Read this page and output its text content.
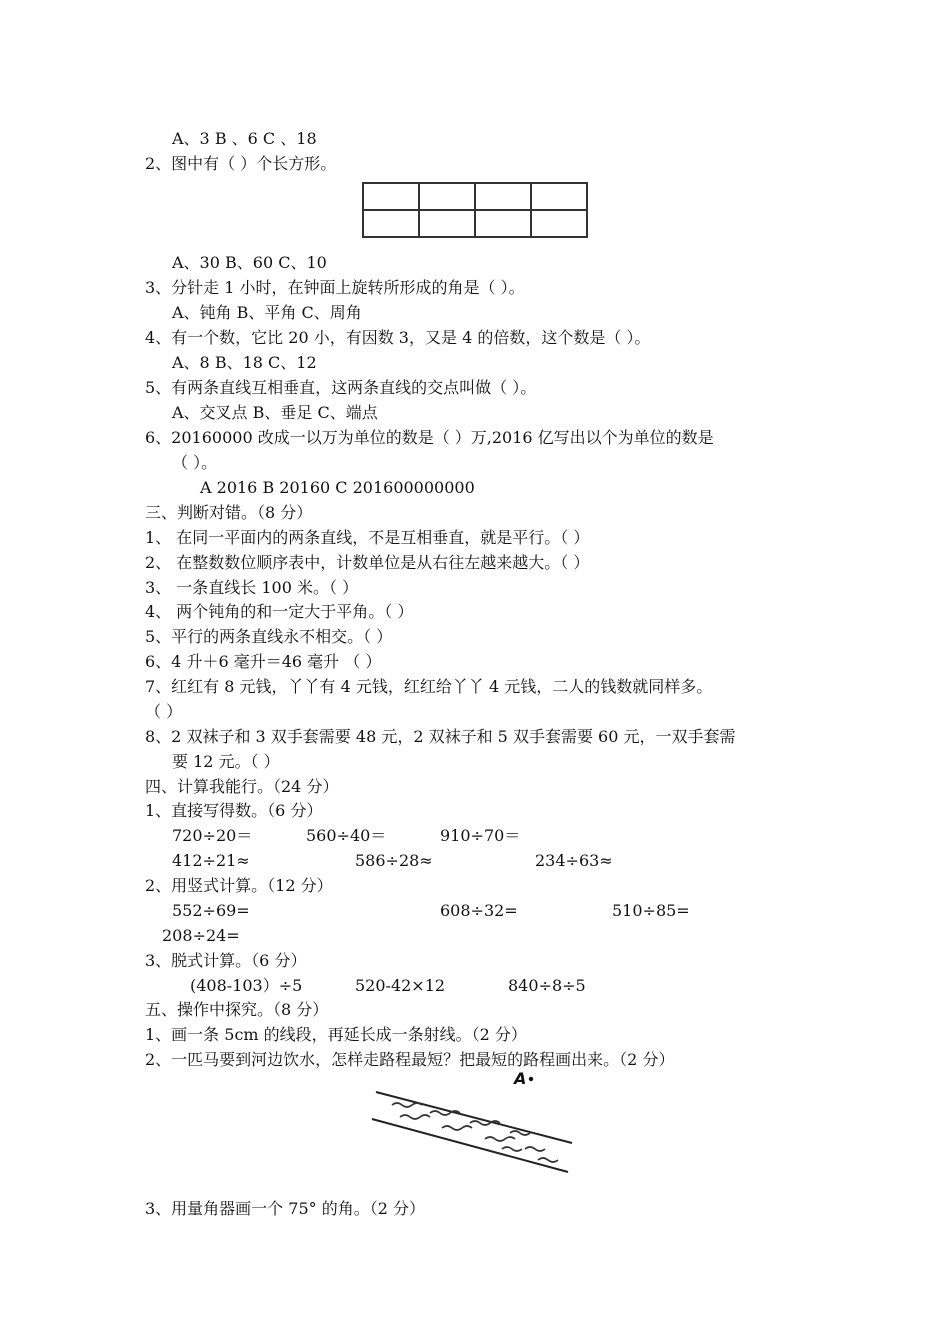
A、3 B 、6 C 、18
2、图中有（ ）个长方形。
A、30 B、60 C、10
3、分针走 1 小时，在钟面上旋转所形成的角是（ ）。
A、钝角 B、平角 C、周角
4、有一个数，它比 20 小，有因数 3，又是 4 的倍数，这个数是（ ）。
A、8 B、18 C、12
5、有两条直线互相垂直，这两条直线的交点叫做（ ）。
A、交叉点 B、垂足 C、端点
6、20160000 改成一以万为单位的数是（ ）万,2016 亿写出以个为单位的数是
（ ）。
A 2016 B 20160 C 201600000000
三、判断对错。（8 分）
1、 在同一平面内的两条直线，不是互相垂直，就是平行。（ ）
2、 在整数数位顺序表中，计数单位是从右往左越来越大。（ ）
3、 一条直线长 100 米。（ ）
4、 两个钝角的和一定大于平角。（ ）
5、平行的两条直线永不相交。（ ）
6、4 升＋6 毫升＝46 毫升 （ ）
7、红红有 8 元钱，丫丫有 4 元钱，红红给丫丫 4 元钱，二人的钱数就同样多。
（ ）
8、2 双袜子和 3 双手套需要 48 元，2 双袜子和 5 双手套需要 60 元，一双手套需
要 12 元。（ ）
四、计算我能行。（24 分）
1、直接写得数。（6 分）
720÷20＝	560÷40＝	910÷70＝
412÷21≈	586÷28≈	234÷63≈
2、用竖式计算。（12 分）
552÷69=	608÷32=	510÷85=
208÷24=
3、脱式计算。（6 分）
(408-103）÷5	520-42×12	840÷8÷5
五、操作中探究。（8 分）
1、画一条 5cm 的线段，再延长成一条射线。（2 分）
2、一匹马要到河边饮水，怎样走路程最短？把最短的路程画出来。（2 分）
A
3、用量角器画一个 75° 的角。（2 分）
